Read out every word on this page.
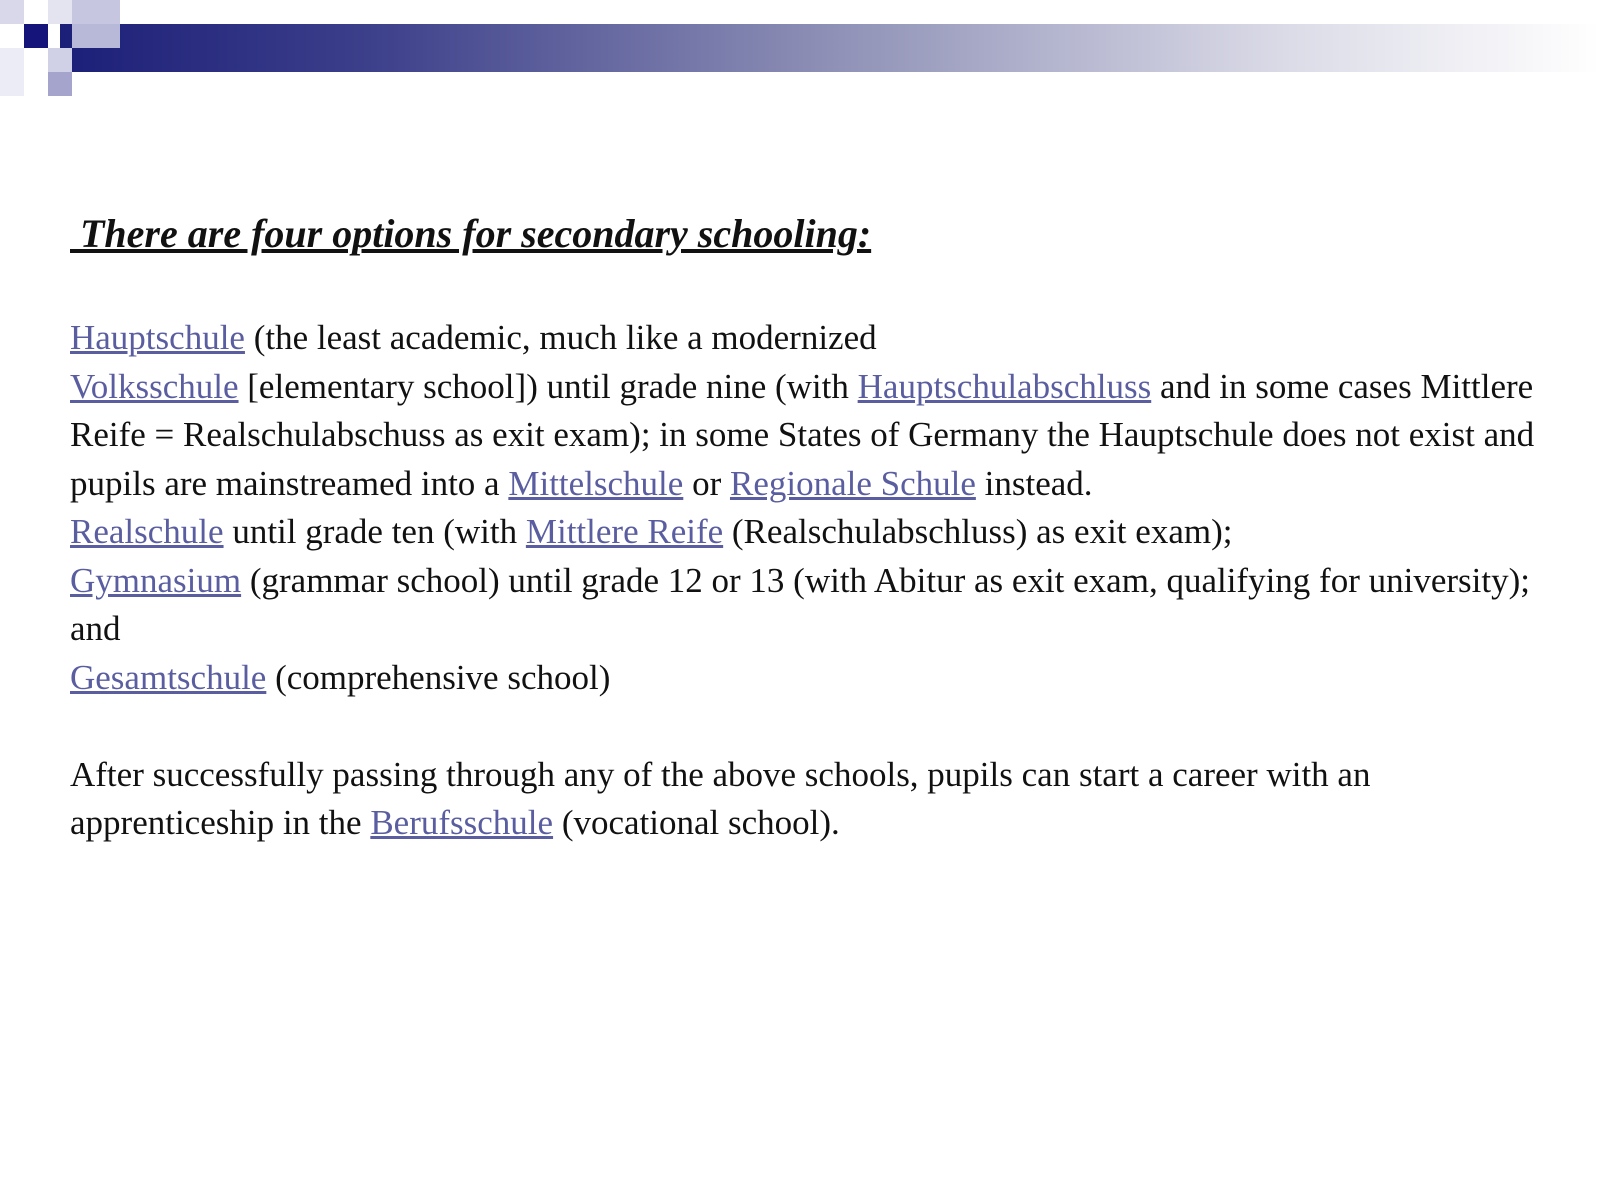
There are four options for secondary schooling:

Hauptschule (the least academic, much like a modernized
Volksschule [elementary school]) until grade nine (with Hauptschulabschluss and in some cases Mittlere Reife = Realschulabschuss as exit exam); in some States of Germany the Hauptschule does not exist and pupils are mainstreamed into a Mittelschule or Regionale Schule instead.

Realschule until grade ten (with Mittlere Reife (Realschulabschluss) as exit exam);

Gymnasium (grammar school) until grade 12 or 13 (with Abitur as exit exam, qualifying for university); and

Gesamtschule (comprehensive school)

After successfully passing through any of the above schools, pupils can start a career with an apprenticeship in the Berufsschule (vocational school).
